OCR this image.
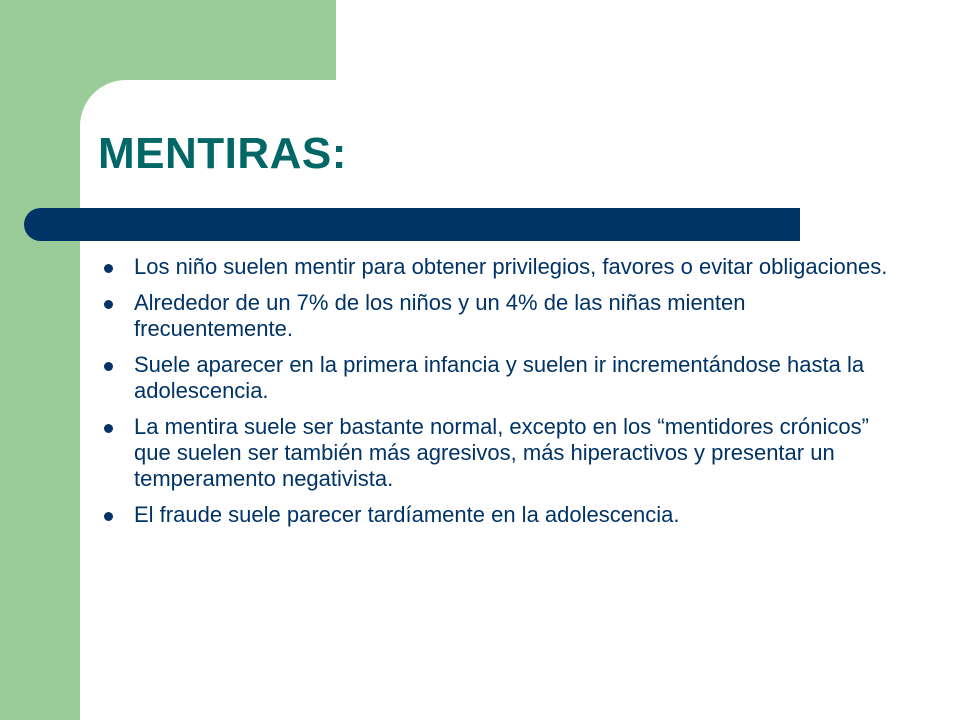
MENTIRAS:
Los niño suelen mentir para obtener privilegios, favores o evitar obligaciones.
Alrededor de un 7% de los niños y un 4% de las niñas mienten frecuentemente.
Suele aparecer en la primera infancia y suelen ir incrementándose hasta la adolescencia.
La mentira suele ser bastante normal, excepto en los “mentidores crónicos” que suelen ser también más agresivos, más hiperactivos y presentar un temperamento negativista.
El fraude suele parecer tardíamente en la adolescencia.
